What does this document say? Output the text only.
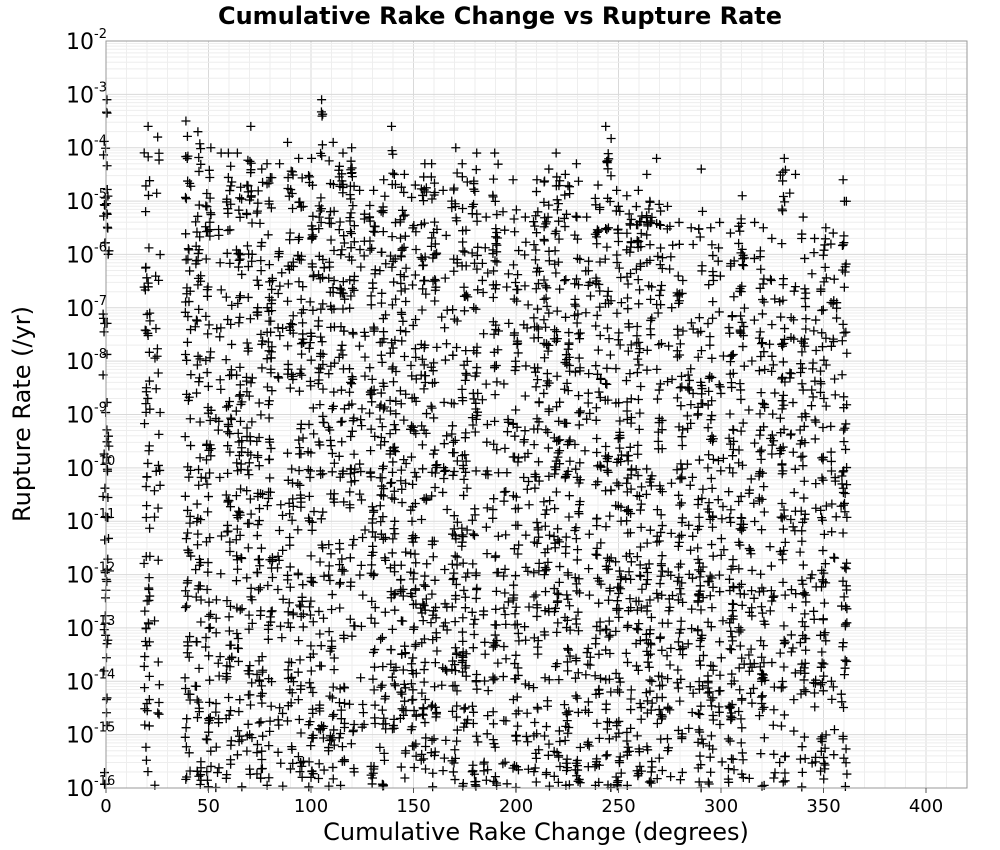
Cumulative Rake Change vs Rupture Rate
0	50	100	150	200	250	300	350	400
$10^{-2}$
$10^{-3}$
$10^{-4}$
$10^{-5}$
$10^{-6}$
$10^{-7}$
$10^{-8}$
$10^{-9}$
$10^{-10}$
$10^{-11}$
$10^{-12}$
$10^{-13}$
$10^{-14}$
$10^{-15}$
$10^{-16}$
Cumulative Rake Change (degrees)
Rupture Rate (/yr)
